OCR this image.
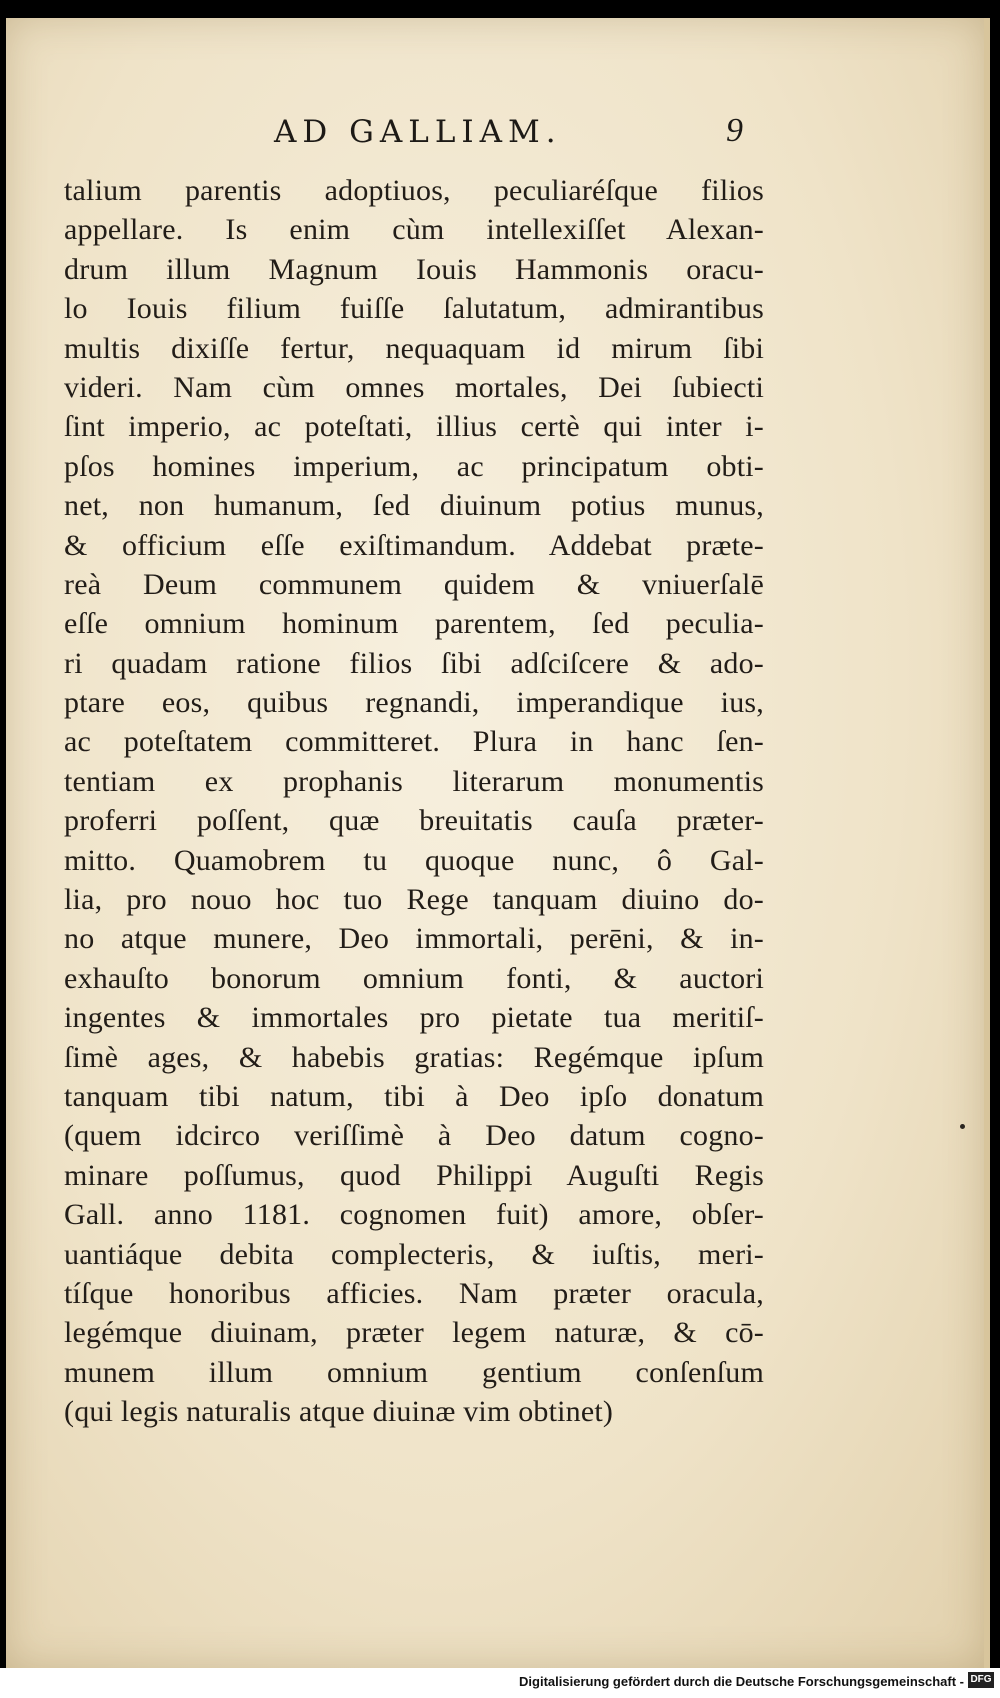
AD GALLIAM.	9
talium parentis adoptiuos, peculiaréſque filios
appellare. Is enim cùm intellexiſſet Alexan-
drum illum Magnum Iouis Hammonis oracu-
lo Iouis filium fuiſſe ſalutatum, admirantibus
multis dixiſſe fertur, nequaquam id mirum ſibi
videri. Nam cùm omnes mortales, Dei ſubiecti
ſint imperio, ac poteſtati, illius certè qui inter i-
pſos homines imperium, ac principatum obti-
net, non humanum, ſed diuinum potius munus,
& officium eſſe exiſtimandum. Addebat præte-
reà Deum communem quidem & vniuerſalē
eſſe omnium hominum parentem, ſed peculia-
ri quadam ratione filios ſibi adſciſcere & ado-
ptare eos, quibus regnandi, imperandique ius,
ac poteſtatem committeret. Plura in hanc ſen-
tentiam ex prophanis literarum monumentis
proferri poſſent, quæ breuitatis cauſa præter-
mitto. Quamobrem tu quoque nunc, ô Gal-
lia, pro nouo hoc tuo Rege tanquam diuino do-
no atque munere, Deo immortali, perēni, & in-
exhauſto bonorum omnium fonti, & auctori
ingentes & immortales pro pietate tua meritiſ-
ſimè ages, & habebis gratias: Regémque ipſum
tanquam tibi natum, tibi à Deo ipſo donatum
(quem idcirco veriſſimè à Deo datum cogno-
minare poſſumus, quod Philippi Auguſti Regis
Gall. anno 1181. cognomen fuit) amore, obſer-
uantiáque debita complecteris, & iuſtis, meri-
tíſque honoribus afficies. Nam præter oracula,
legémque diuinam, præter legem naturæ, & cō-
munem illum omnium gentium conſenſum
(qui legis naturalis atque diuinæ vim obtinet)
Digitalisierung gefördert durch die Deutsche Forschungsgemeinschaft - DFG
